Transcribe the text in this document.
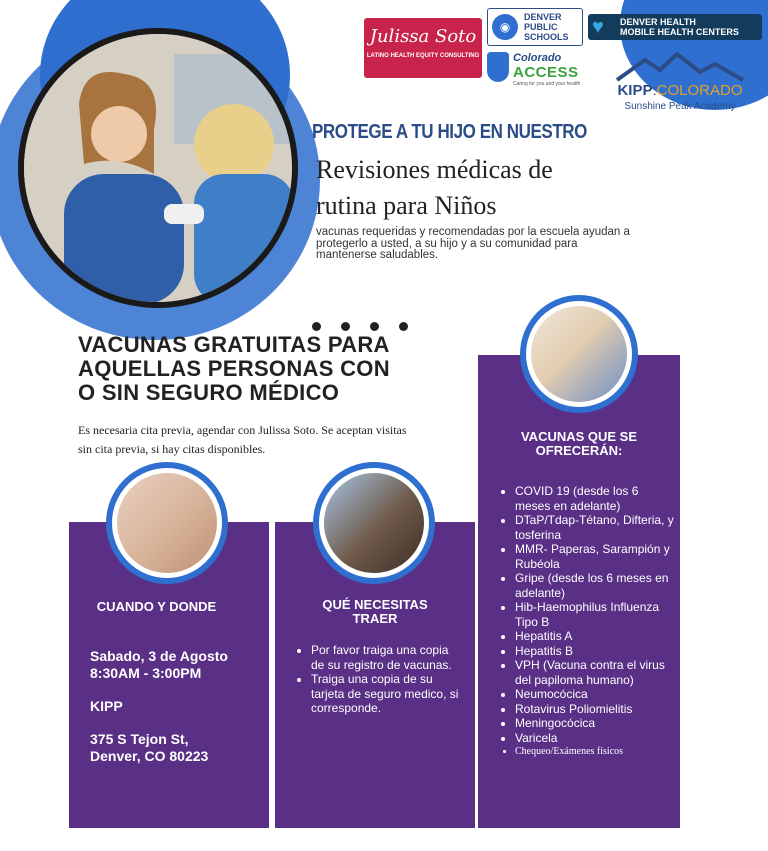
Julissa Soto
LATINO HEALTH EQUITY CONSULTING
◉
DENVER
PUBLIC
SCHOOLS ♥ DENVER HEALTH
MOBILE HEALTH CENTERS
Colorado
ACCESS
Caring for you and your health	KIPP:COLORADO
Sunshine Peak Academy
PROTEGE A TU HIJO EN NUESTRO
Revisiones médicas de
rutina para Niños
vacunas requeridas y recomendadas por la escuela ayudan a protegerlo a usted, a su hijo y a su comunidad para mantenerse saludables.
VACUNAS GRATUITAS PARA
AQUELLAS PERSONAS CON
O SIN SEGURO MÉDICO
Es necesaria cita previa, agendar con Julissa Soto. Se aceptan visitas sin cita previa, si hay citas disponibles.
CUANDO Y DONDE
Sabado, 3 de Agosto
8:30AM - 3:00PM
KIPP
375 S Tejon St,
Denver, CO 80223
QUÉ NECESITAS TRAER
• Por favor traiga una copia de su registro de vacunas.
• Traiga una copia de su tarjeta de seguro medico, si corresponde.
VACUNAS QUE SE OFRECERÁN:
• COVID 19 (desde los 6 meses en adelante)
• DTaP/Tdap-Tétano, Difteria, y tosferina
• MMR- Paperas, Sarampión y Rubéola
• Gripe (desde los 6 meses en adelante)
• Hib-Haemophilus Influenza Tipo B
• Hepatitis A
• Hepatitis B
• VPH (Vacuna contra el virus del papiloma humano)
• Neumocócica
• Rotavirus Poliomielitis
• Meningocócica
• Varicela
• Chequeo/Exámenes físicos
